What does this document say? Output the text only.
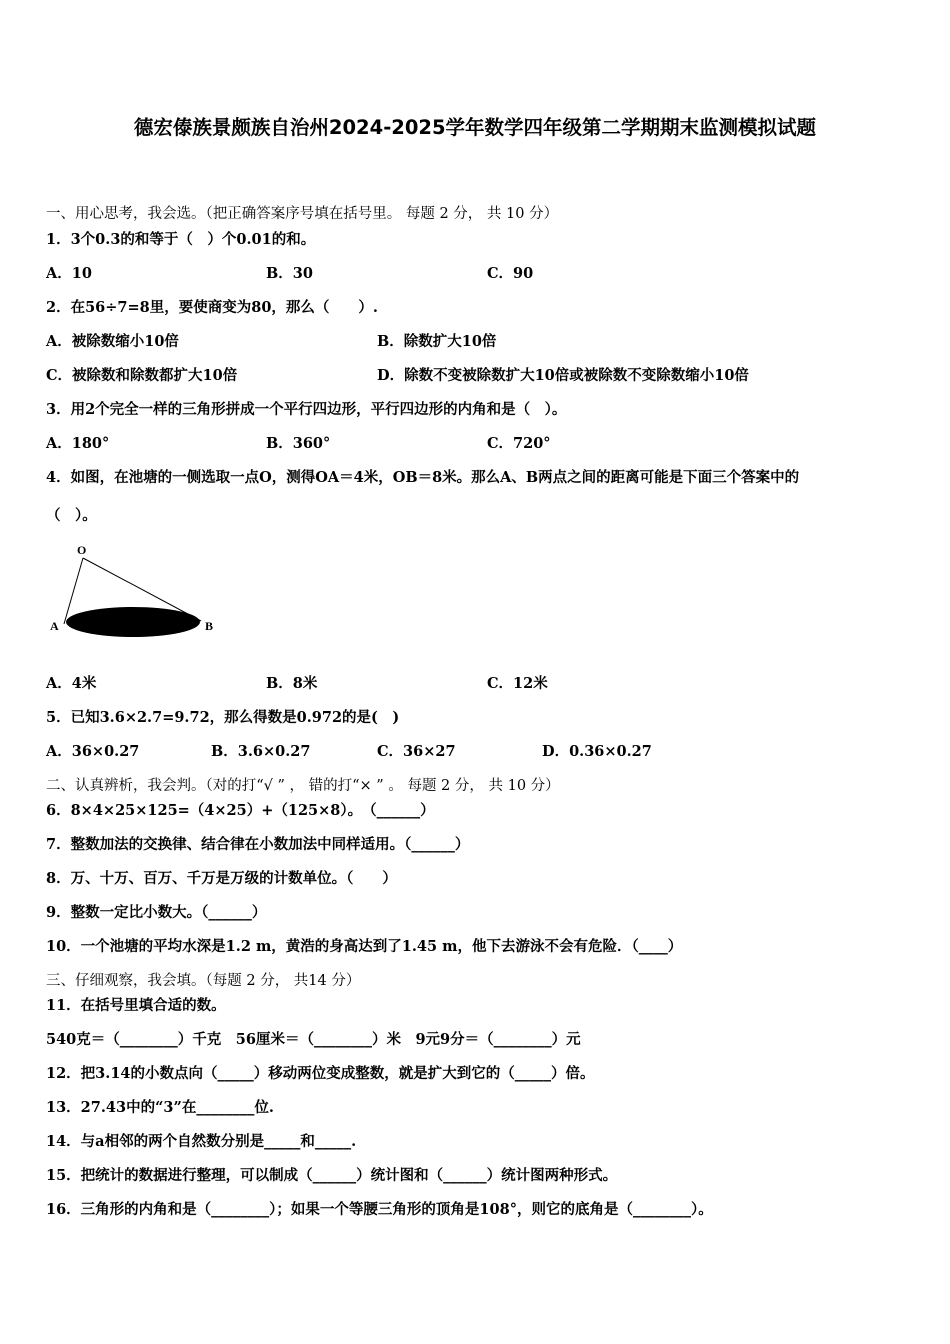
德宏傣族景颇族自治州2024-2025学年数学四年级第二学期期末监测模拟试题
一、用心思考，我会选。（把正确答案序号填在括号里。 每题 2 分， 共 10 分）
1．3个0.3的和等于（　）个0.01的和。
A．10	B．30	C．90
2．在56÷7=8里，要使商变为80，那么（　　）.
A．被除数缩小10倍	B．除数扩大10倍
C．被除数和除数都扩大10倍	D．除数不变被除数扩大10倍或被除数不变除数缩小10倍
3．用2个完全一样的三角形拼成一个平行四边形，平行四边形的内角和是（　）。
A．180°	B．360°	C．720°
4．如图，在池塘的一侧选取一点O，测得OA＝4米，OB＝8米。那么A、B两点之间的距离可能是下面三个答案中的
（　）。
O
A	B
A．4米	B．8米	C．12米
5．已知3.6×2.7=9.72，那么得数是0.972的是(　)
A．36×0.27	B．3.6×0.27	C．36×27	D．0.36×0.27
二、认真辨析，我会判。（对的打“√ ” ， 错的打“× ” 。 每题 2 分， 共 10 分）
6．8×4×25×125=（4×25）+（125×8）。　（______）
7．整数加法的交换律、结合律在小数加法中同样适用。（______）
8．万、十万、百万、千万是万级的计数单位。（　　）
9．整数一定比小数大。（______）
10．一个池塘的平均水深是1.2 m，黄浩的身高达到了1.45 m，他下去游泳不会有危险．（____）
三、仔细观察，我会填。（每题 2 分， 共14 分）
11．在括号里填合适的数。
540克＝（________）千克　56厘米＝（________）米　9元9分＝（________）元
12．把3.14的小数点向（_____）移动两位变成整数，就是扩大到它的（_____）倍。
13．27.43中的“3”在________位.
14．与a相邻的两个自然数分别是_____和_____.
15．把统计的数据进行整理，可以制成（______）统计图和（______）统计图两种形式。
16．三角形的内角和是（________）；如果一个等腰三角形的顶角是108°，则它的底角是（________）。
